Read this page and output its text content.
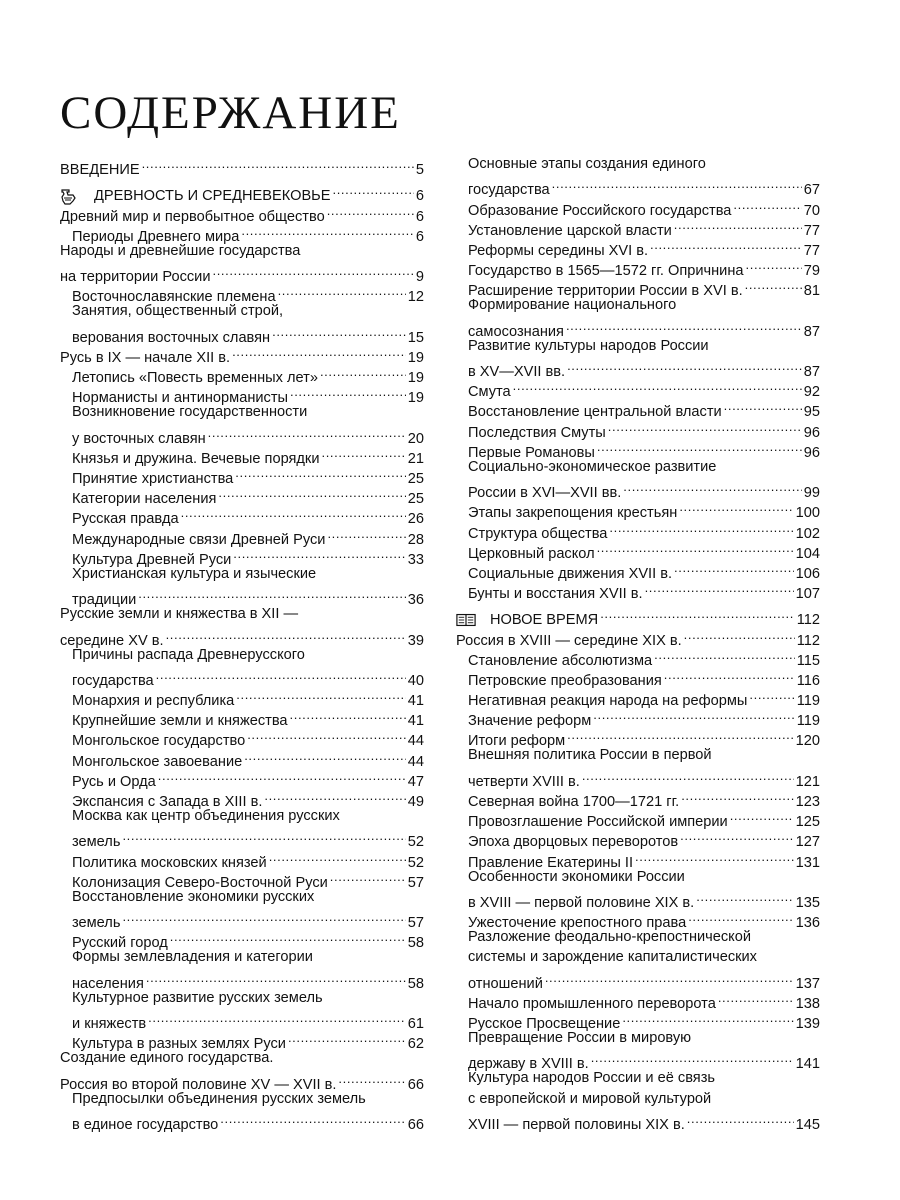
СОДЕРЖАНИЕ
ВВЕДЕНИЕ .....	5
ДРЕВНОСТЬ И СРЕДНЕВЕКОВЬЕ .....	6
Древний мир и первобытное общество .....	6
Периоды Древнего мира .....	6
Народы и древнейшие государства
на территории России .....	9
Восточнославянские племена .....	12
Занятия, общественный строй,
верования восточных славян .....	15
Русь в IX — начале XII в. .....	19
Летопись «Повесть временных лет» .....	19
Норманисты и антинорманисты .....	19
Возникновение государственности
у восточных славян .....	20
Князья и дружина. Вечевые порядки .....	21
Принятие христианства .....	25
Категории населения .....	25
Русская правда .....	26
Международные связи Древней Руси .....	28
Культура Древней Руси .....	33
Христианская культура и языческие
традиции .....	36
Русские земли и княжества в XII —
середине XV в. .....	39
Причины распада Древнерусского
государства .....	40
Монархия и республика .....	41
Крупнейшие земли и княжества .....	41
Монгольское государство .....	44
Монгольское завоевание .....	44
Русь и Орда .....	47
Экспансия с Запада в XIII в. .....	49
Москва как центр объединения русских
земель .....	52
Политика московских князей .....	52
Колонизация Северо-Восточной Руси .....	57
Восстановление экономики русских
земель .....	57
Русский город .....	58
Формы землевладения и категории
населения .....	58
Культурное развитие русских земель
и княжеств .....	61
Культура в разных землях Руси .....	62
Создание единого государства.
Россия во второй половине XV — XVII в. .....	66
Предпосылки объединения русских земель
в единое государство .....	66
Основные этапы создания единого
государства .....	67
Образование Российского государства .....	70
Установление царской власти .....	77
Реформы середины XVI в. .....	77
Государство в 1565—1572 гг. Опричнина .....	79
Расширение территории России в XVI в. .....	81
Формирование национального
самосознания .....	87
Развитие культуры народов России
в XV—XVII вв. .....	87
Смута .....	92
Восстановление центральной власти .....	95
Последствия Смуты .....	96
Первые Романовы .....	96
Социально-экономическое развитие
России в XVI—XVII вв. .....	99
Этапы закрепощения крестьян .....	100
Структура общества .....	102
Церковный раскол .....	104
Социальные движения XVII в. .....	106
Бунты и восстания XVII в. .....	107
НОВОЕ ВРЕМЯ .....	112
Россия в XVIII — середине XIX в. .....	112
Становление абсолютизма .....	115
Петровские преобразования .....	116
Негативная реакция народа на реформы .....	119
Значение реформ .....	119
Итоги реформ .....	120
Внешняя политика России в первой
четверти XVIII в. .....	121
Северная война 1700—1721 гг. .....	123
Провозглашение Российской империи .....	125
Эпоха дворцовых переворотов .....	127
Правление Екатерины II .....	131
Особенности экономики России
в XVIII — первой половине XIX в. .....	135
Ужесточение крепостного права .....	136
Разложение феодально-крепостнической
системы и зарождение капиталистических
отношений .....	137
Начало промышленного переворота .....	138
Русское Просвещение .....	139
Превращение России в мировую
державу в XVIII в. .....	141
Культура народов России и её связь
с европейской и мировой культурой
XVIII — первой половины XIX в. .....	145
